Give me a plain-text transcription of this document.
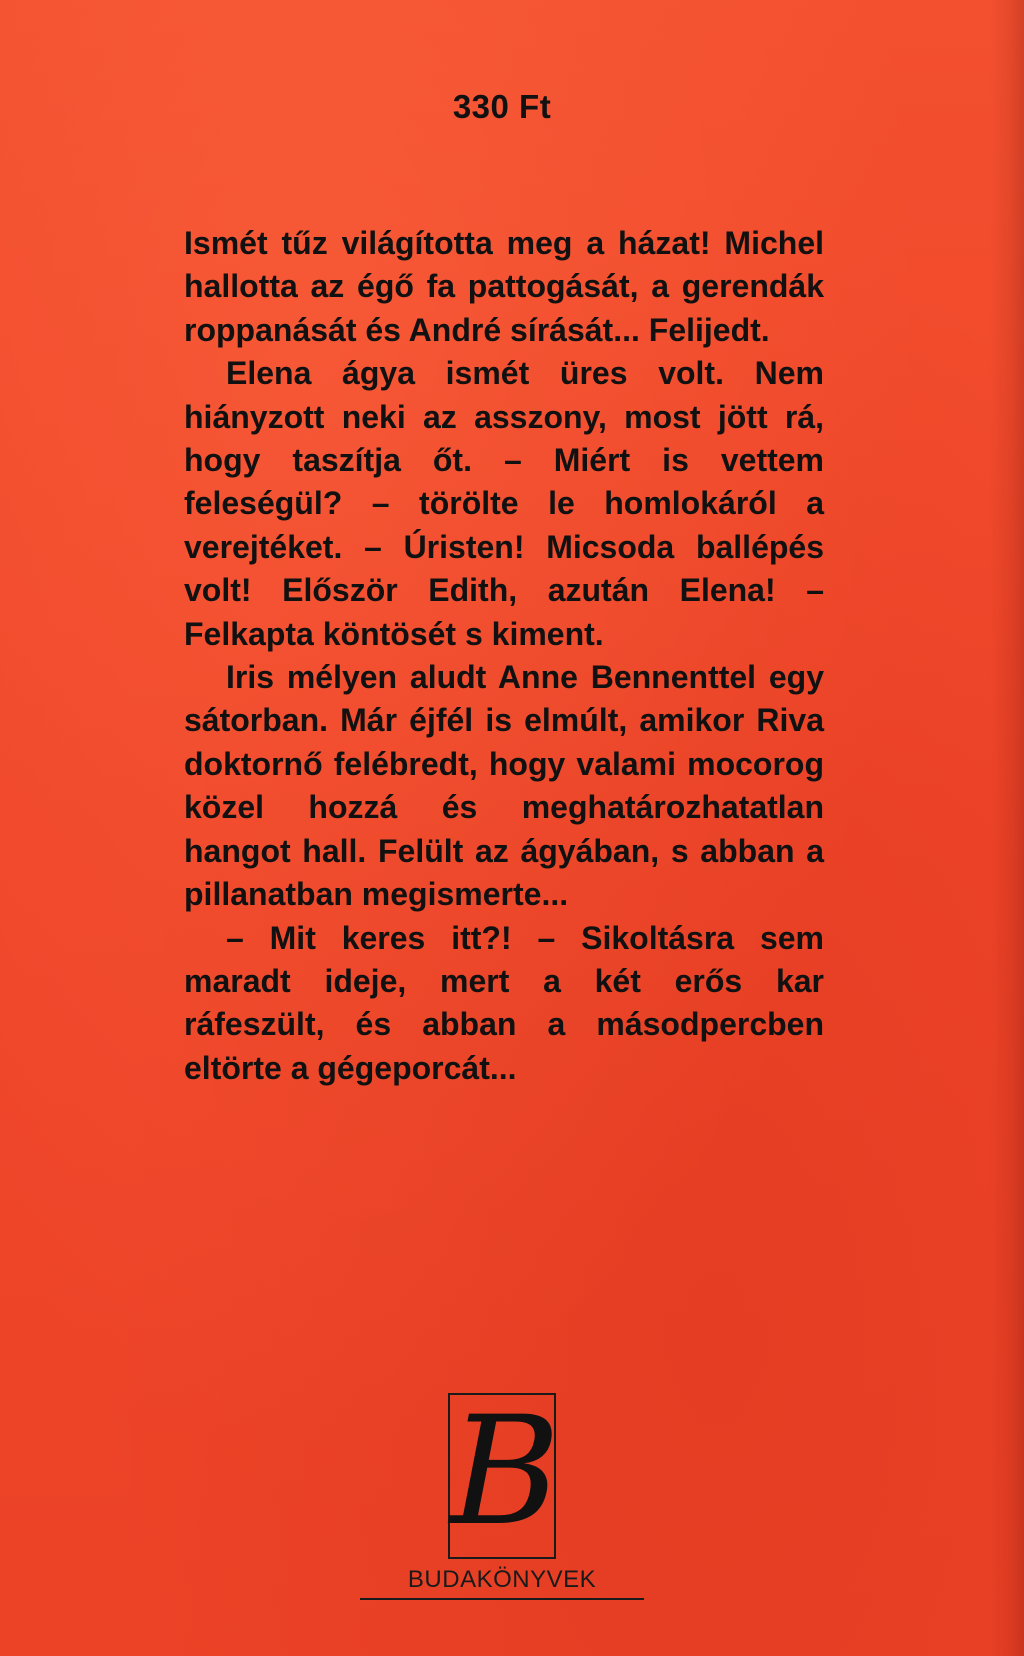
330 Ft

Ismét tűz világította meg a házat! Michel hallotta az égő fa pattogását, a gerendák roppanását és André sírását... Felijedt.

Elena ágya ismét üres volt. Nem hiányzott neki az asszony, most jött rá, hogy taszítja őt. – Miért is vettem feleségül? – törölte le homlokáról a verejtéket. – Úristen! Micsoda ballépés volt! Először Edith, azután Elena! – Felkapta köntösét s kiment.

Iris mélyen aludt Anne Bennenttel egy sátorban. Már éjfél is elmúlt, amikor Riva doktornő felébredt, hogy valami mocorog közel hozzá és meghatározhatatlan hangot hall. Felült az ágyában, s abban a pillanatban megismerte...

– Mit keres itt?! – Sikoltásra sem maradt ideje, mert a két erős kar ráfeszült, és abban a másodpercben eltörte a gégeporcát...

B
BUDAKÖNYVEK
